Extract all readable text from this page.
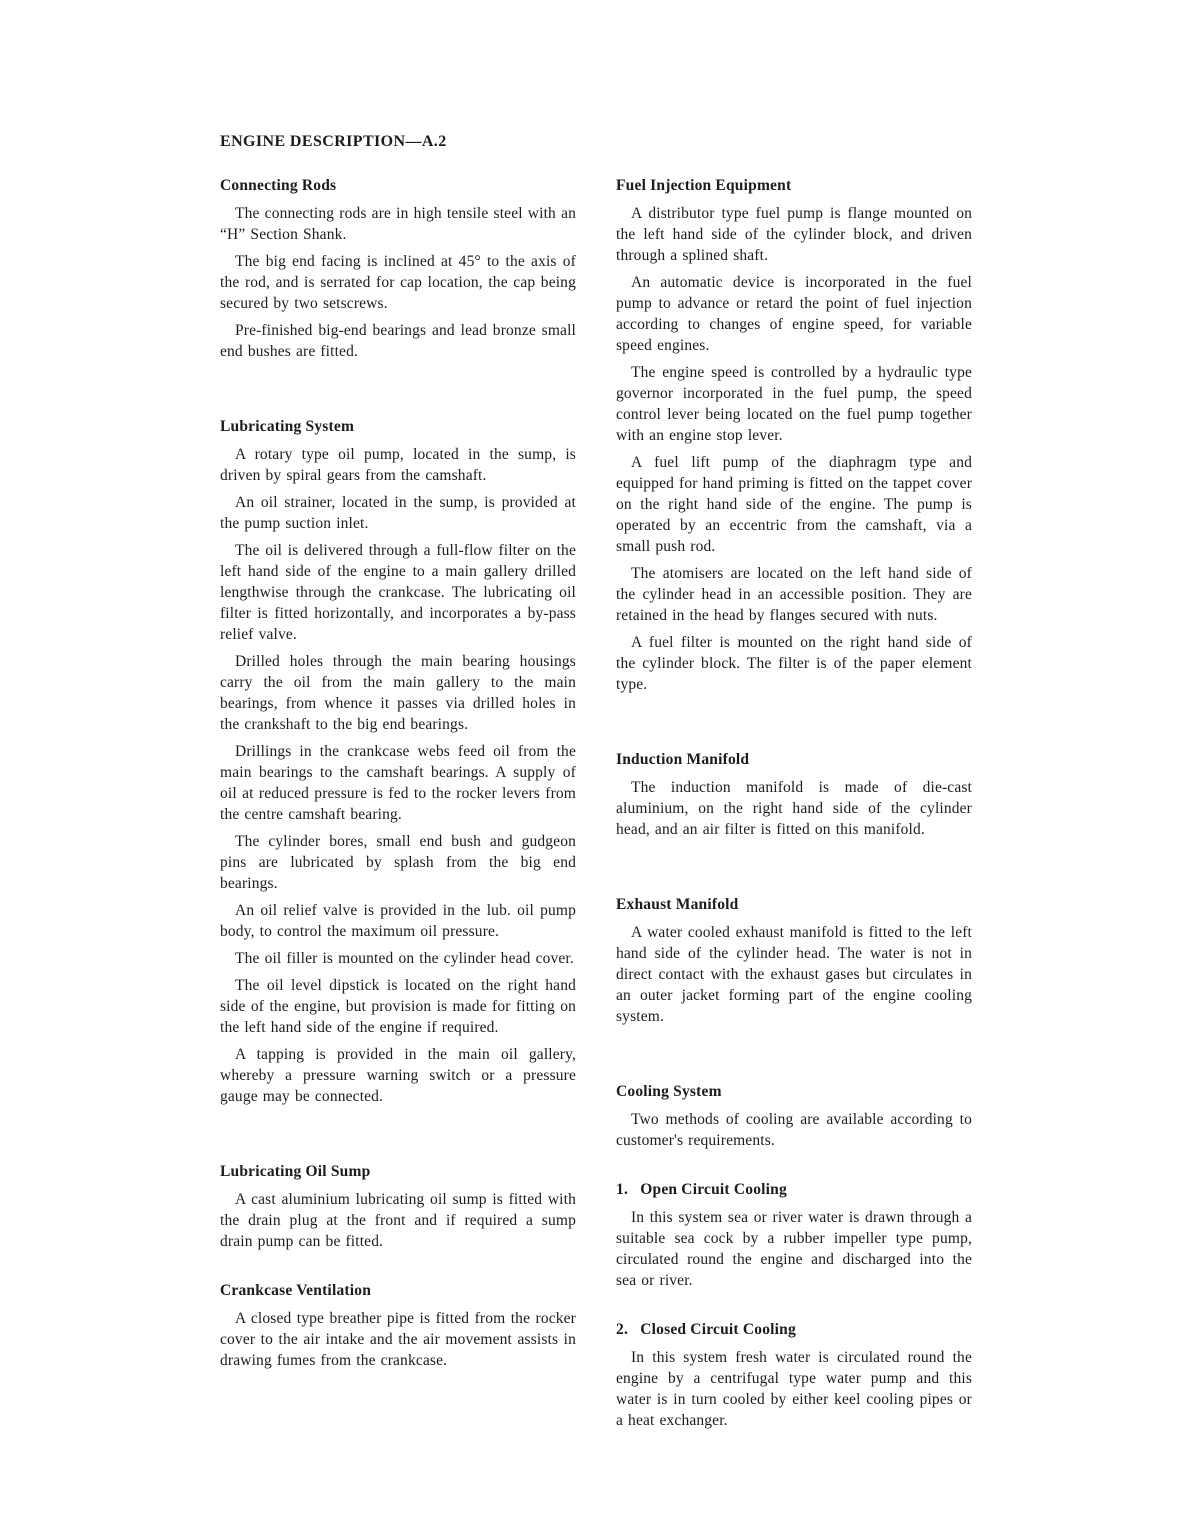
ENGINE DESCRIPTION—A.2
Connecting Rods

The connecting rods are in high tensile steel with an “H” Section Shank.

The big end facing is inclined at 45° to the axis of the rod, and is serrated for cap location, the cap being secured by two setscrews.

Pre-finished big-end bearings and lead bronze small end bushes are fitted.

Lubricating System

A rotary type oil pump, located in the sump, is driven by spiral gears from the camshaft.

An oil strainer, located in the sump, is provided at the pump suction inlet.

The oil is delivered through a full-flow filter on the left hand side of the engine to a main gallery drilled lengthwise through the crankcase. The lubricating oil filter is fitted horizontally, and incorporates a by-pass relief valve.

Drilled holes through the main bearing housings carry the oil from the main gallery to the main bearings, from whence it passes via drilled holes in the crankshaft to the big end bearings.

Drillings in the crankcase webs feed oil from the main bearings to the camshaft bearings. A supply of oil at reduced pressure is fed to the rocker levers from the centre camshaft bearing.

The cylinder bores, small end bush and gudgeon pins are lubricated by splash from the big end bearings.

An oil relief valve is provided in the lub. oil pump body, to control the maximum oil pressure.

The oil filler is mounted on the cylinder head cover.

The oil level dipstick is located on the right hand side of the engine, but provision is made for fitting on the left hand side of the engine if required.

A tapping is provided in the main oil gallery, whereby a pressure warning switch or a pressure gauge may be connected.

Lubricating Oil Sump

A cast aluminium lubricating oil sump is fitted with the drain plug at the front and if required a sump drain pump can be fitted.

Crankcase Ventilation

A closed type breather pipe is fitted from the rocker cover to the air intake and the air movement assists in drawing fumes from the crankcase.

Fuel Injection Equipment

A distributor type fuel pump is flange mounted on the left hand side of the cylinder block, and driven through a splined shaft.

An automatic device is incorporated in the fuel pump to advance or retard the point of fuel injection according to changes of engine speed, for variable speed engines.

The engine speed is controlled by a hydraulic type governor incorporated in the fuel pump, the speed control lever being located on the fuel pump together with an engine stop lever.

A fuel lift pump of the diaphragm type and equipped for hand priming is fitted on the tappet cover on the right hand side of the engine. The pump is operated by an eccentric from the camshaft, via a small push rod.

The atomisers are located on the left hand side of the cylinder head in an accessible position. They are retained in the head by flanges secured with nuts.

A fuel filter is mounted on the right hand side of the cylinder block. The filter is of the paper element type.

Induction Manifold

The induction manifold is made of die-cast aluminium, on the right hand side of the cylinder head, and an air filter is fitted on this manifold.

Exhaust Manifold

A water cooled exhaust manifold is fitted to the left hand side of the cylinder head. The water is not in direct contact with the exhaust gases but circulates in an outer jacket forming part of the engine cooling system.

Cooling System

Two methods of cooling are available according to customer's requirements.

1.   Open Circuit Cooling

In this system sea or river water is drawn through a suitable sea cock by a rubber impeller type pump, circulated round the engine and discharged into the sea or river.

2.   Closed Circuit Cooling

In this system fresh water is circulated round the engine by a centrifugal type water pump and this water is in turn cooled by either keel cooling pipes or a heat exchanger.
